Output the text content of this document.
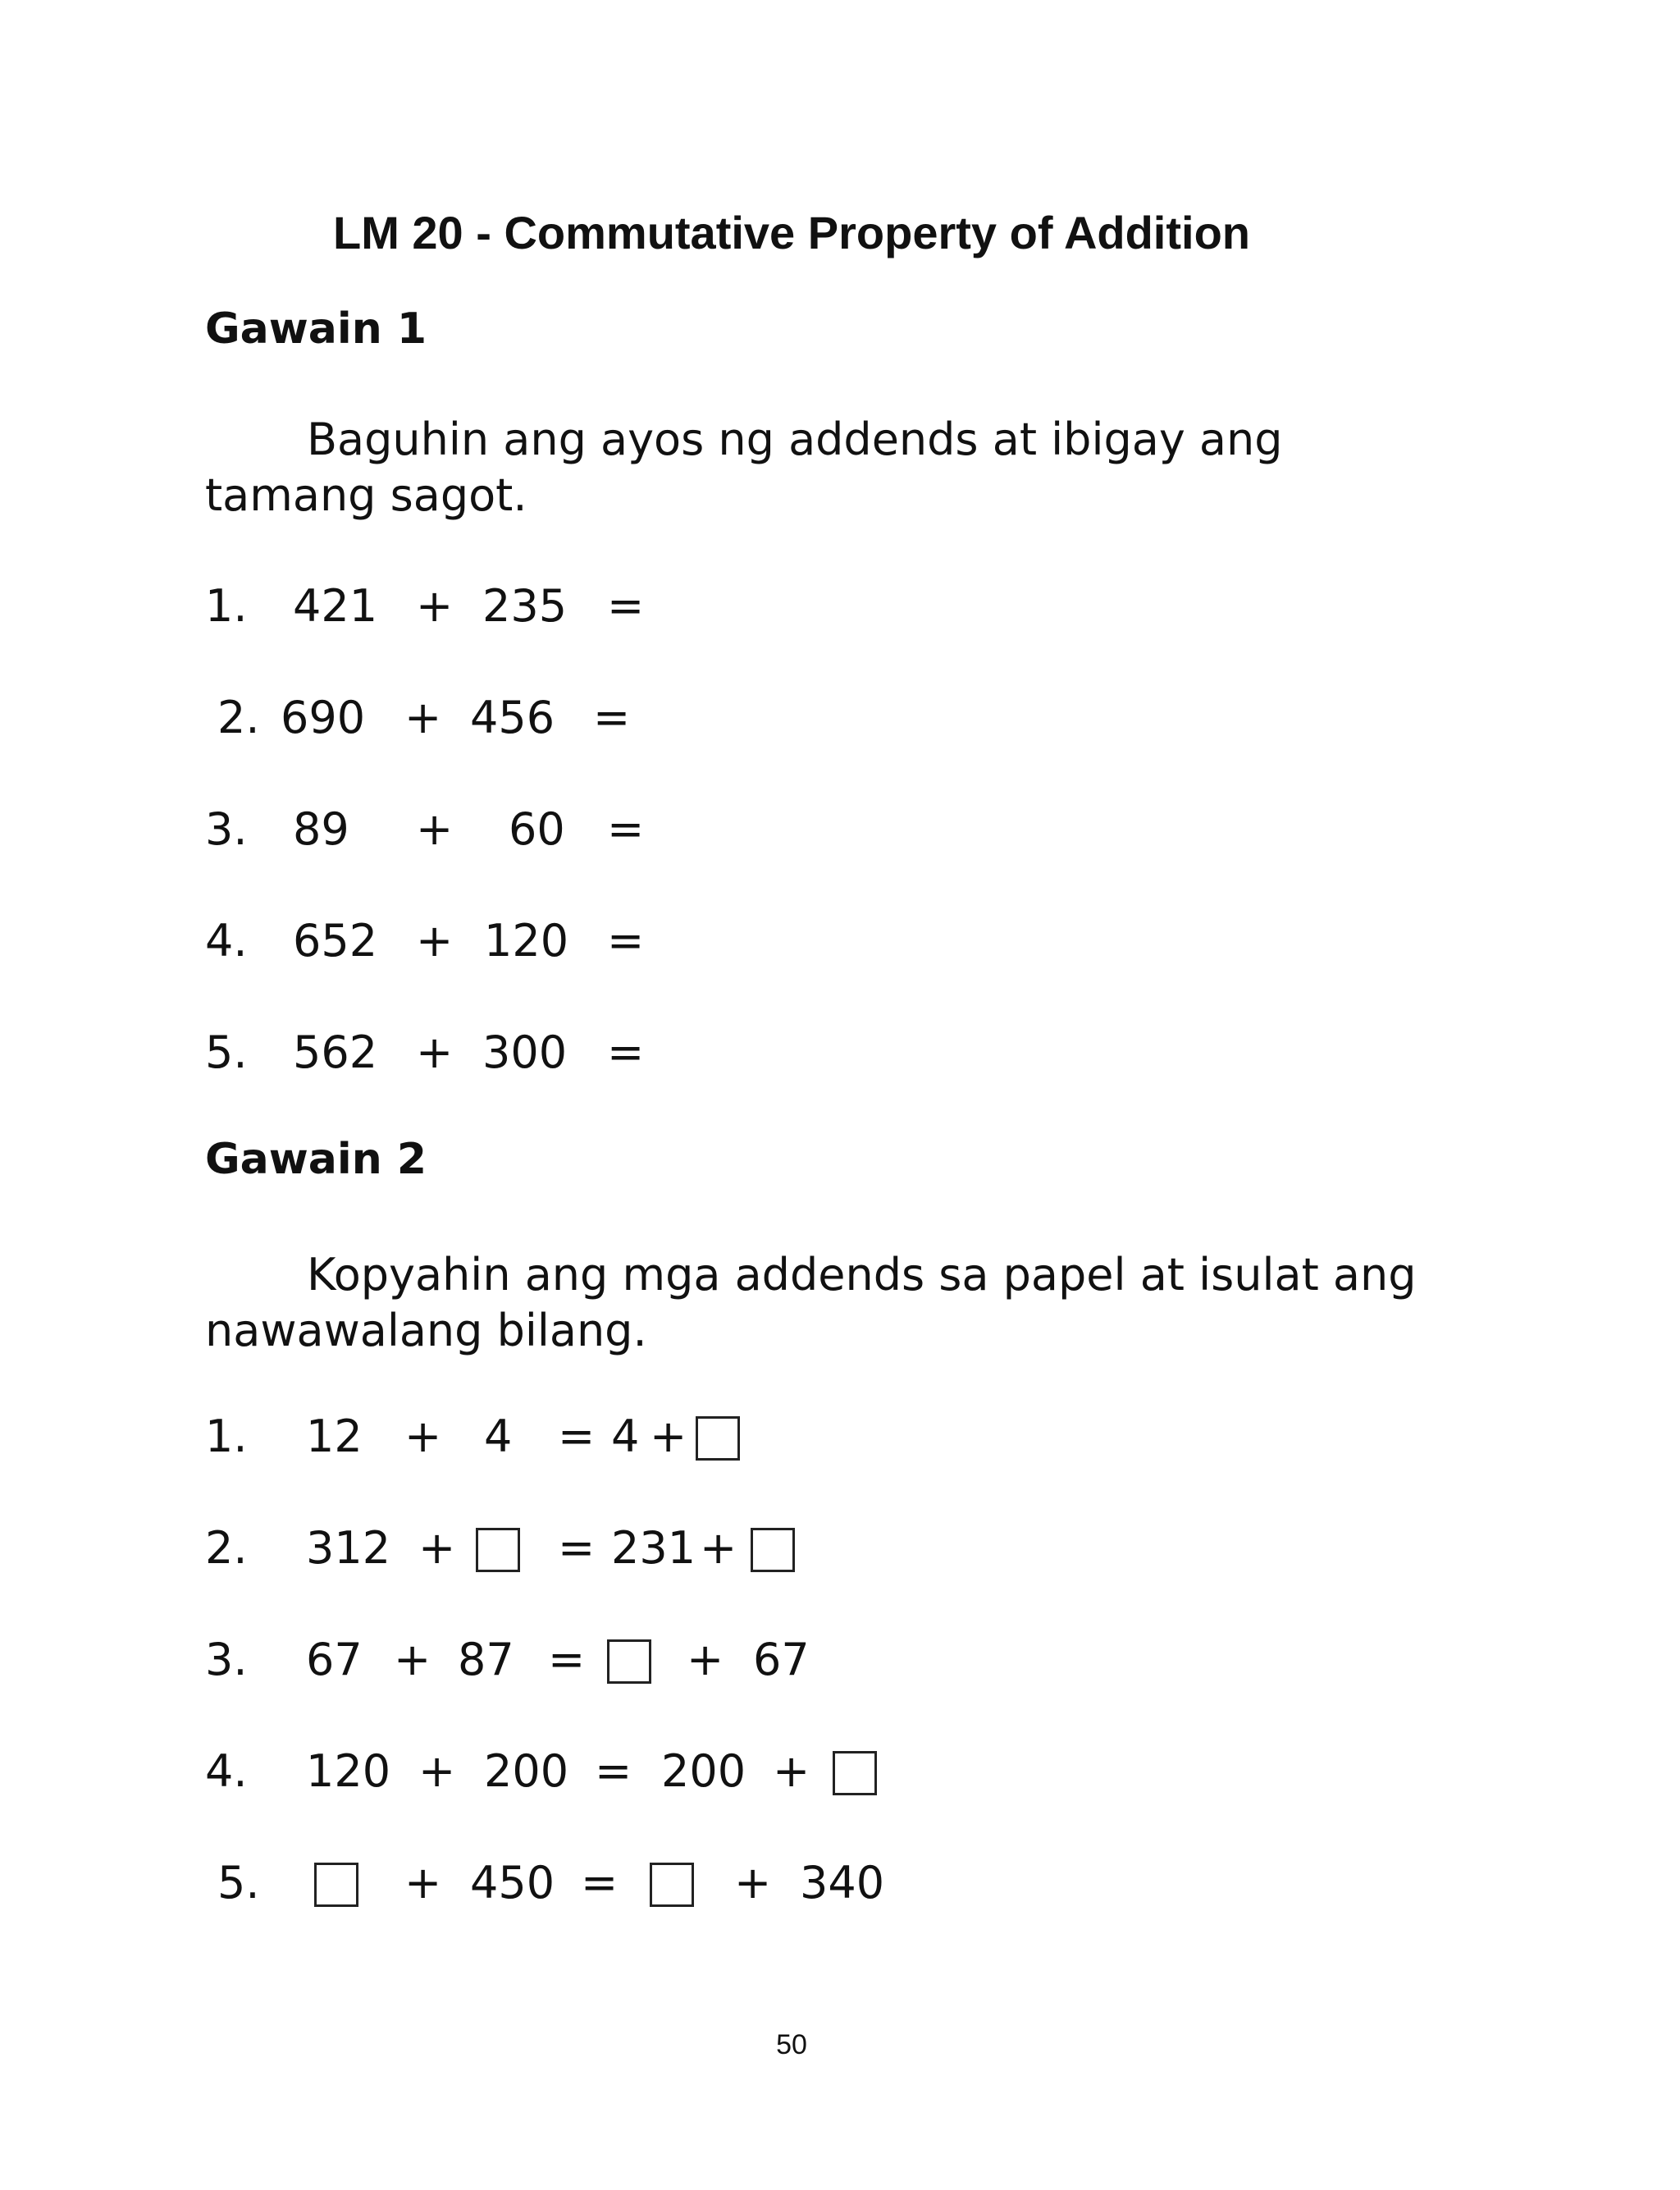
LM 20 - Commutative Property of Addition
Gawain 1

Baguhin ang ayos ng addends at ibigay ang tamang sagot.

1. 421 + 235 =
2. 690 + 456 =
3. 89 + 60 =
4. 652 + 120 =
5. 562 + 300 =
Gawain 2

Kopyahin ang mga addends sa papel at isulat ang nawawalang bilang.

1. 12 + 4 = 4 +
2. 312 + = 231 +
3. 67 + 87 = + 67
4. 120 + 200 = 200 +
5.	+ 450 =	+ 340
50
